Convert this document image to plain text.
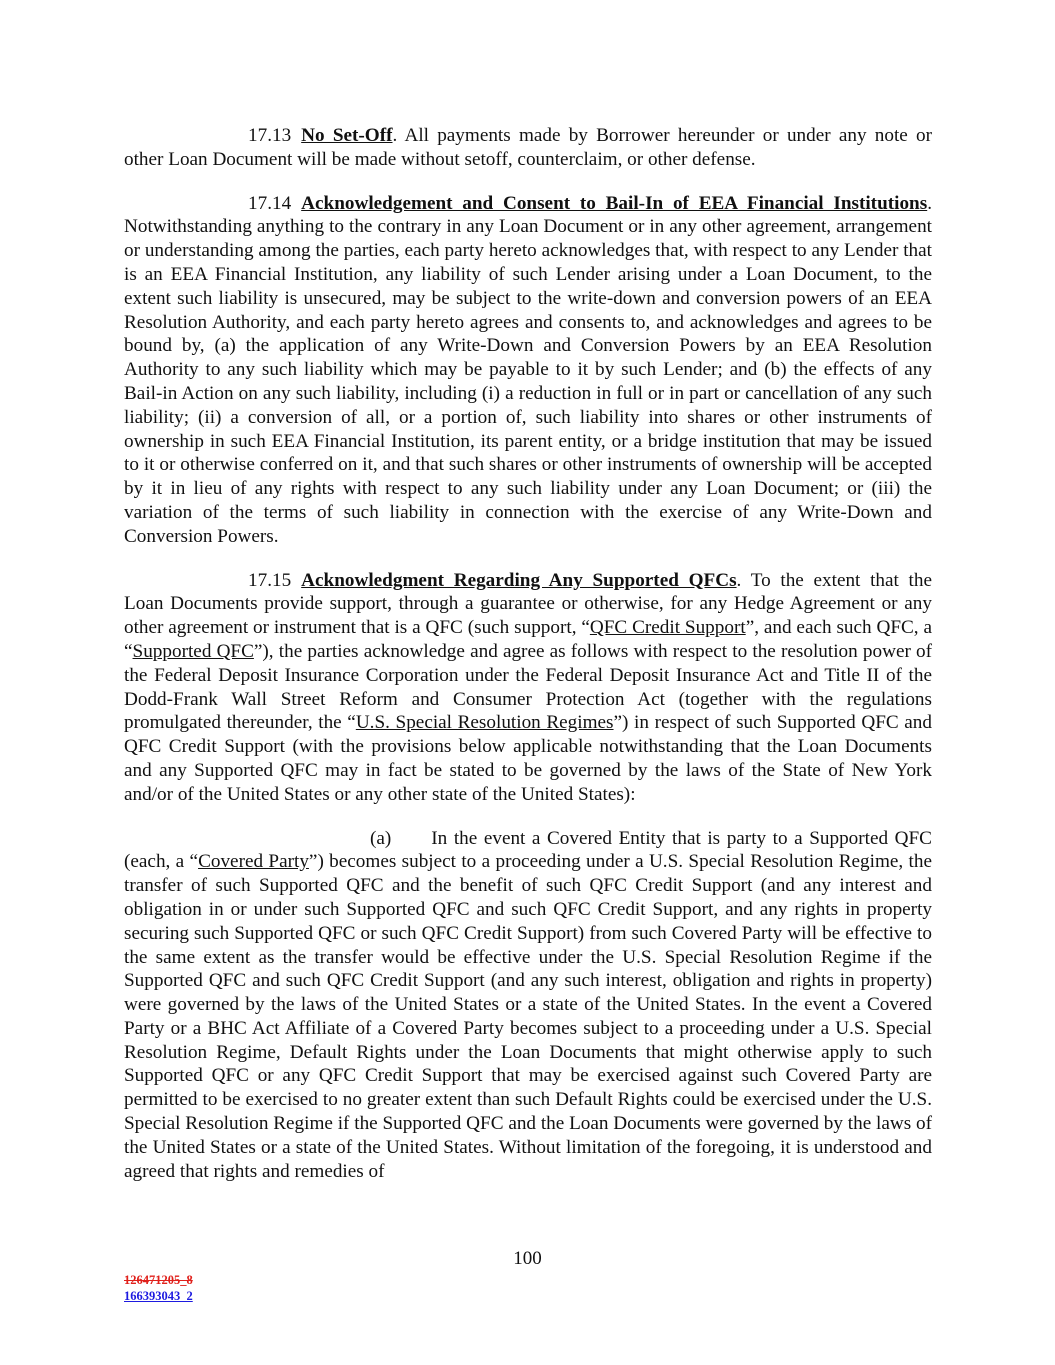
17.13 No Set-Off. All payments made by Borrower hereunder or under any note or other Loan Document will be made without setoff, counterclaim, or other defense.

17.14 Acknowledgement and Consent to Bail-In of EEA Financial Institutions. Notwithstanding anything to the contrary in any Loan Document or in any other agreement, arrangement or understanding among the parties, each party hereto acknowledges that, with respect to any Lender that is an EEA Financial Institution, any liability of such Lender arising under a Loan Document, to the extent such liability is unsecured, may be subject to the write-down and conversion powers of an EEA Resolution Authority, and each party hereto agrees and consents to, and acknowledges and agrees to be bound by, (a) the application of any Write-Down and Conversion Powers by an EEA Resolution Authority to any such liability which may be payable to it by such Lender; and (b) the effects of any Bail-in Action on any such liability, including (i) a reduction in full or in part or cancellation of any such liability; (ii) a conversion of all, or a portion of, such liability into shares or other instruments of ownership in such EEA Financial Institution, its parent entity, or a bridge institution that may be issued to it or otherwise conferred on it, and that such shares or other instruments of ownership will be accepted by it in lieu of any rights with respect to any such liability under any Loan Document; or (iii) the variation of the terms of such liability in connection with the exercise of any Write-Down and Conversion Powers.

17.15 Acknowledgment Regarding Any Supported QFCs. To the extent that the Loan Documents provide support, through a guarantee or otherwise, for any Hedge Agreement or any other agreement or instrument that is a QFC (such support, “QFC Credit Support”, and each such QFC, a “Supported QFC”), the parties acknowledge and agree as follows with respect to the resolution power of the Federal Deposit Insurance Corporation under the Federal Deposit Insurance Act and Title II of the Dodd-Frank Wall Street Reform and Consumer Protection Act (together with the regulations promulgated thereunder, the “U.S. Special Resolution Regimes”) in respect of such Supported QFC and QFC Credit Support (with the provisions below applicable notwithstanding that the Loan Documents and any Supported QFC may in fact be stated to be governed by the laws of the State of New York and/or of the United States or any other state of the United States):

(a) In the event a Covered Entity that is party to a Supported QFC (each, a “Covered Party”) becomes subject to a proceeding under a U.S. Special Resolution Regime, the transfer of such Supported QFC and the benefit of such QFC Credit Support (and any interest and obligation in or under such Supported QFC and such QFC Credit Support, and any rights in property securing such Supported QFC or such QFC Credit Support) from such Covered Party will be effective to the same extent as the transfer would be effective under the U.S. Special Resolution Regime if the Supported QFC and such QFC Credit Support (and any such interest, obligation and rights in property) were governed by the laws of the United States or a state of the United States. In the event a Covered Party or a BHC Act Affiliate of a Covered Party becomes subject to a proceeding under a U.S. Special Resolution Regime, Default Rights under the Loan Documents that might otherwise apply to such Supported QFC or any QFC Credit Support that may be exercised against such Covered Party are permitted to be exercised to no greater extent than such Default Rights could be exercised under the U.S. Special Resolution Regime if the Supported QFC and the Loan Documents were governed by the laws of the United States or a state of the United States. Without limitation of the foregoing, it is understood and agreed that rights and remedies of

100
126471205_8
166393043_2
